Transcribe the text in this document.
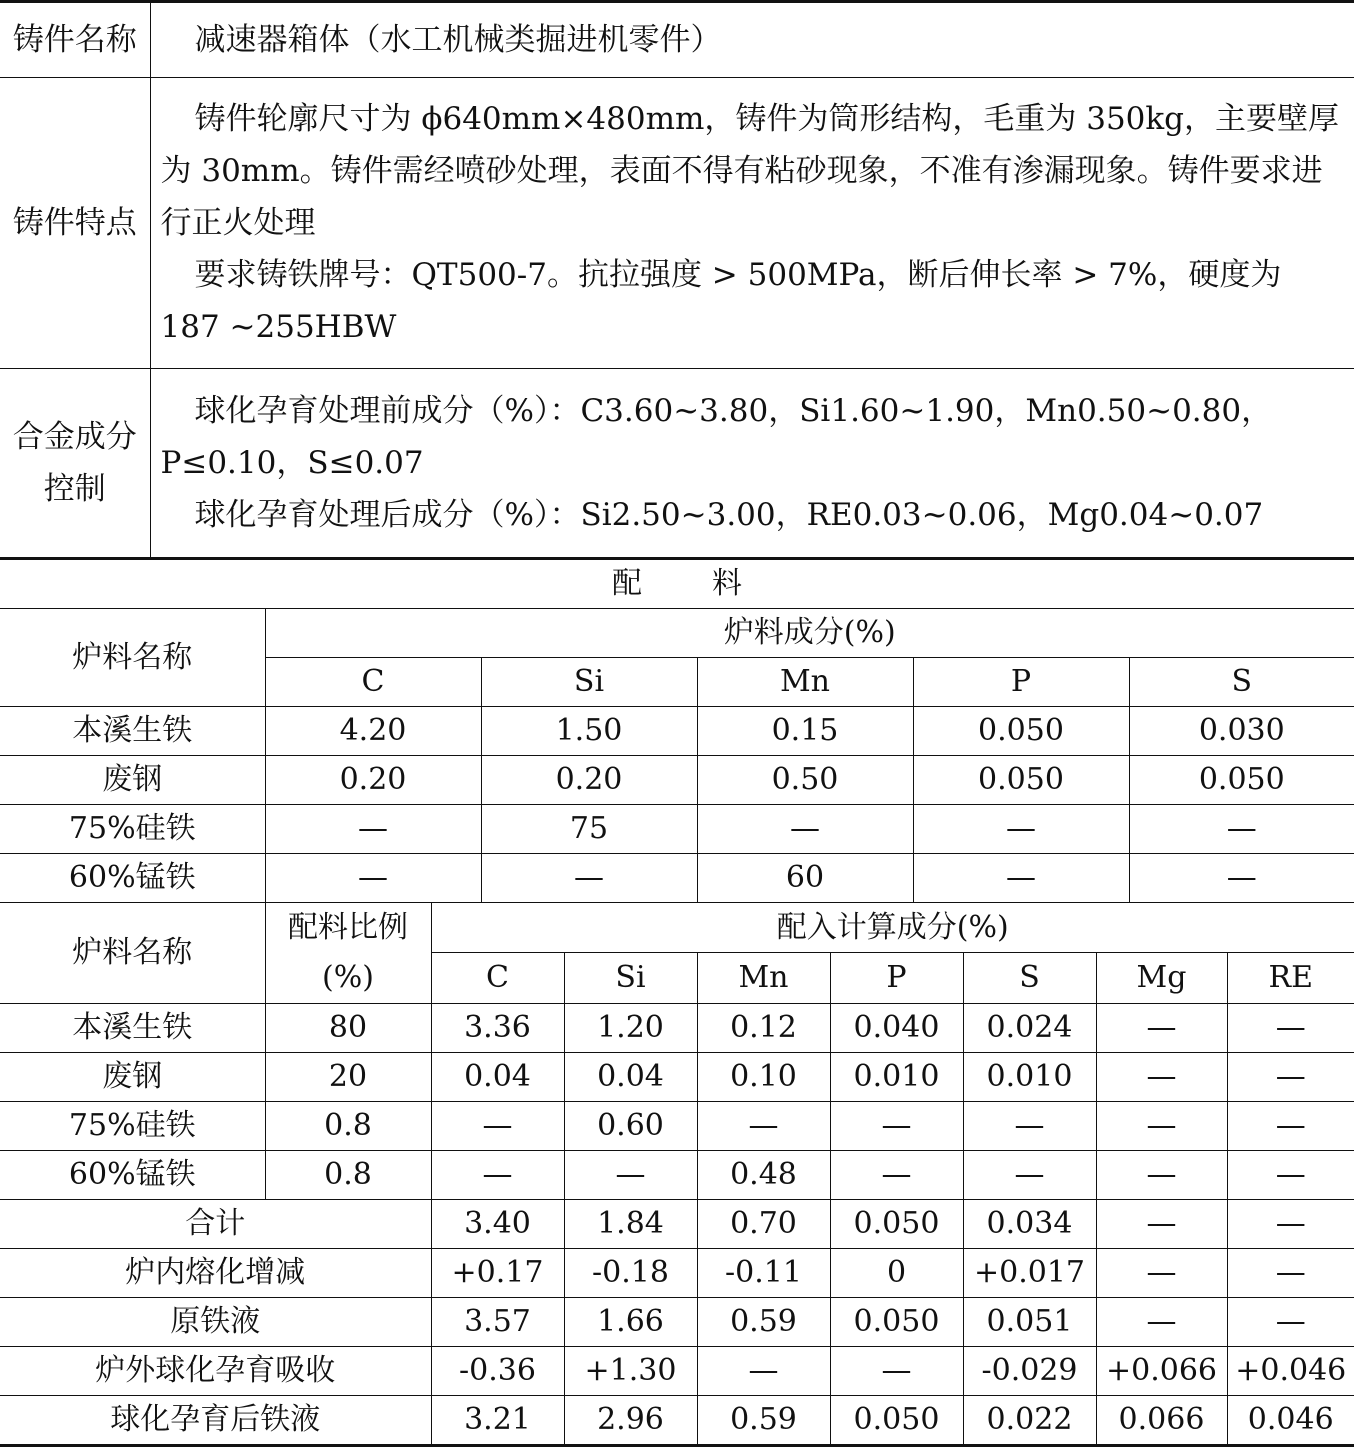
铸件名称	减速器箱体（水工机械类掘进机零件）

铸件特点	铸件轮廓尺寸为 ϕ640mm×480mm，铸件为筒形结构，毛重为 350kg，主要壁厚为 30mm。铸件需经喷砂处理，表面不得有粘砂现象，不准有渗漏现象。铸件要求进行正火处理

要求铸铁牌号：QT500-7。抗拉强度 > 500MPa，断后伸长率 > 7%，硬度为 187 ~255HBW

合金成分控制	球化孕育处理前成分（%）：C3.60~3.80，Si1.60~1.90，Mn0.50~0.80，P≤0.10，S≤0.07

球化孕育处理后成分（%）：Si2.50~3.00，RE0.03~0.06，Mg0.04~0.07

配 料					
炉料名称	炉料成分(%)				
	C	Si	Mn	P	S
本溪生铁	4.20	1.50	0.15	0.050	0.030
废钢	0.20	0.20	0.50	0.050	0.050
75%硅铁	—	75	—	—	—
60%锰铁	—	—	60	—	—
炉料名称	配料比例
(%)	配入计算成分(%)						
		C	Si	Mn	P	S	Mg	RE
本溪生铁	80	3.36	1.20	0.12	0.040	0.024	—	—
废钢	20	0.04	0.04	0.10	0.010	0.010	—	—
75%硅铁	0.8	—	0.60	—	—	—	—	—
60%锰铁	0.8	—	—	0.48	—	—	—	—
合计		3.40	1.84	0.70	0.050	0.034	—	—
炉内熔化增减		+0.17	-0.18	-0.11	0	+0.017	—	—
原铁液		3.57	1.66	0.59	0.050	0.051	—	—
炉外球化孕育吸收		-0.36	+1.30	—	—	-0.029	+0.066	+0.046
球化孕育后铁液		3.21	2.96	0.59	0.050	0.022	0.066	0.046
